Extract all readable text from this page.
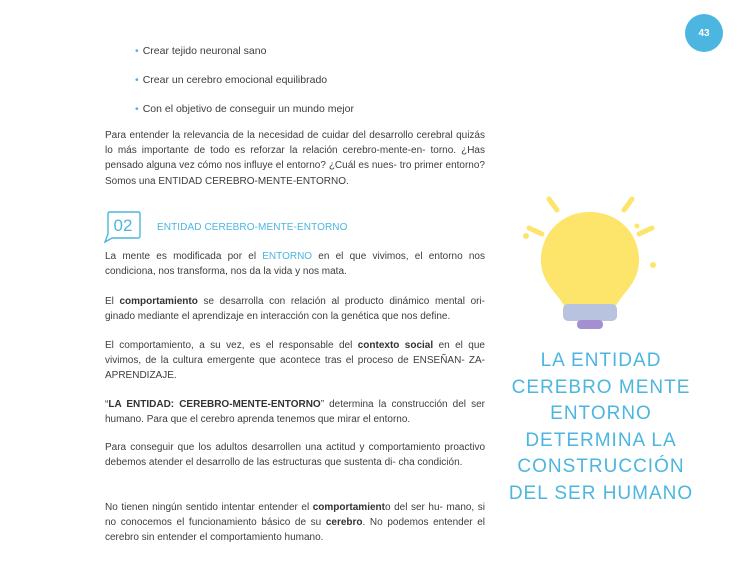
43
• Crear tejido neuronal sano
• Crear un cerebro emocional equilibrado
• Con el objetivo de conseguir un mundo mejor

Para entender la relevancia de la necesidad de cuidar del desarrollo cerebral quizás lo más importante de todo es reforzar la relación cerebro-mente-en- torno. ¿Has pensado alguna vez cómo nos influye el entorno? ¿Cuál es nues- tro primer entorno? Somos una ENTIDAD CEREBRO-MENTE-ENTORNO.

02 ENTIDAD CEREBRO-MENTE-ENTORNO

La mente es modificada por el ENTORNO en el que vivimos, el entorno nos condiciona, nos transforma, nos da la vida y nos mata.

El comportamiento se desarrolla con relación al producto dinámico mental ori- ginado mediante el aprendizaje en interacción con la genética que nos define.

El comportamiento, a su vez, es el responsable del contexto social en el que vivimos, de la cultura emergente que acontece tras el proceso de ENSEÑAN- ZA-APRENDIZAJE.

“LA ENTIDAD: CEREBRO-MENTE-ENTORNO” determina la construcción del ser humano. Para que el cerebro aprenda tenemos que mirar el entorno.

Para conseguir que los adultos desarrollen una actitud y comportamiento proactivo debemos atender el desarrollo de las estructuras que sustenta di- cha condición.

No tienen ningún sentido intentar entender el comportamiento del ser hu- mano, si no conocemos el funcionamiento básico de su cerebro. No podemos entender el cerebro sin entender el comportamiento humano.

LA ENTIDAD
CEREBRO MENTE
ENTORNO
DETERMINA LA
CONSTRUCCIÓN
DEL SER HUMANO
